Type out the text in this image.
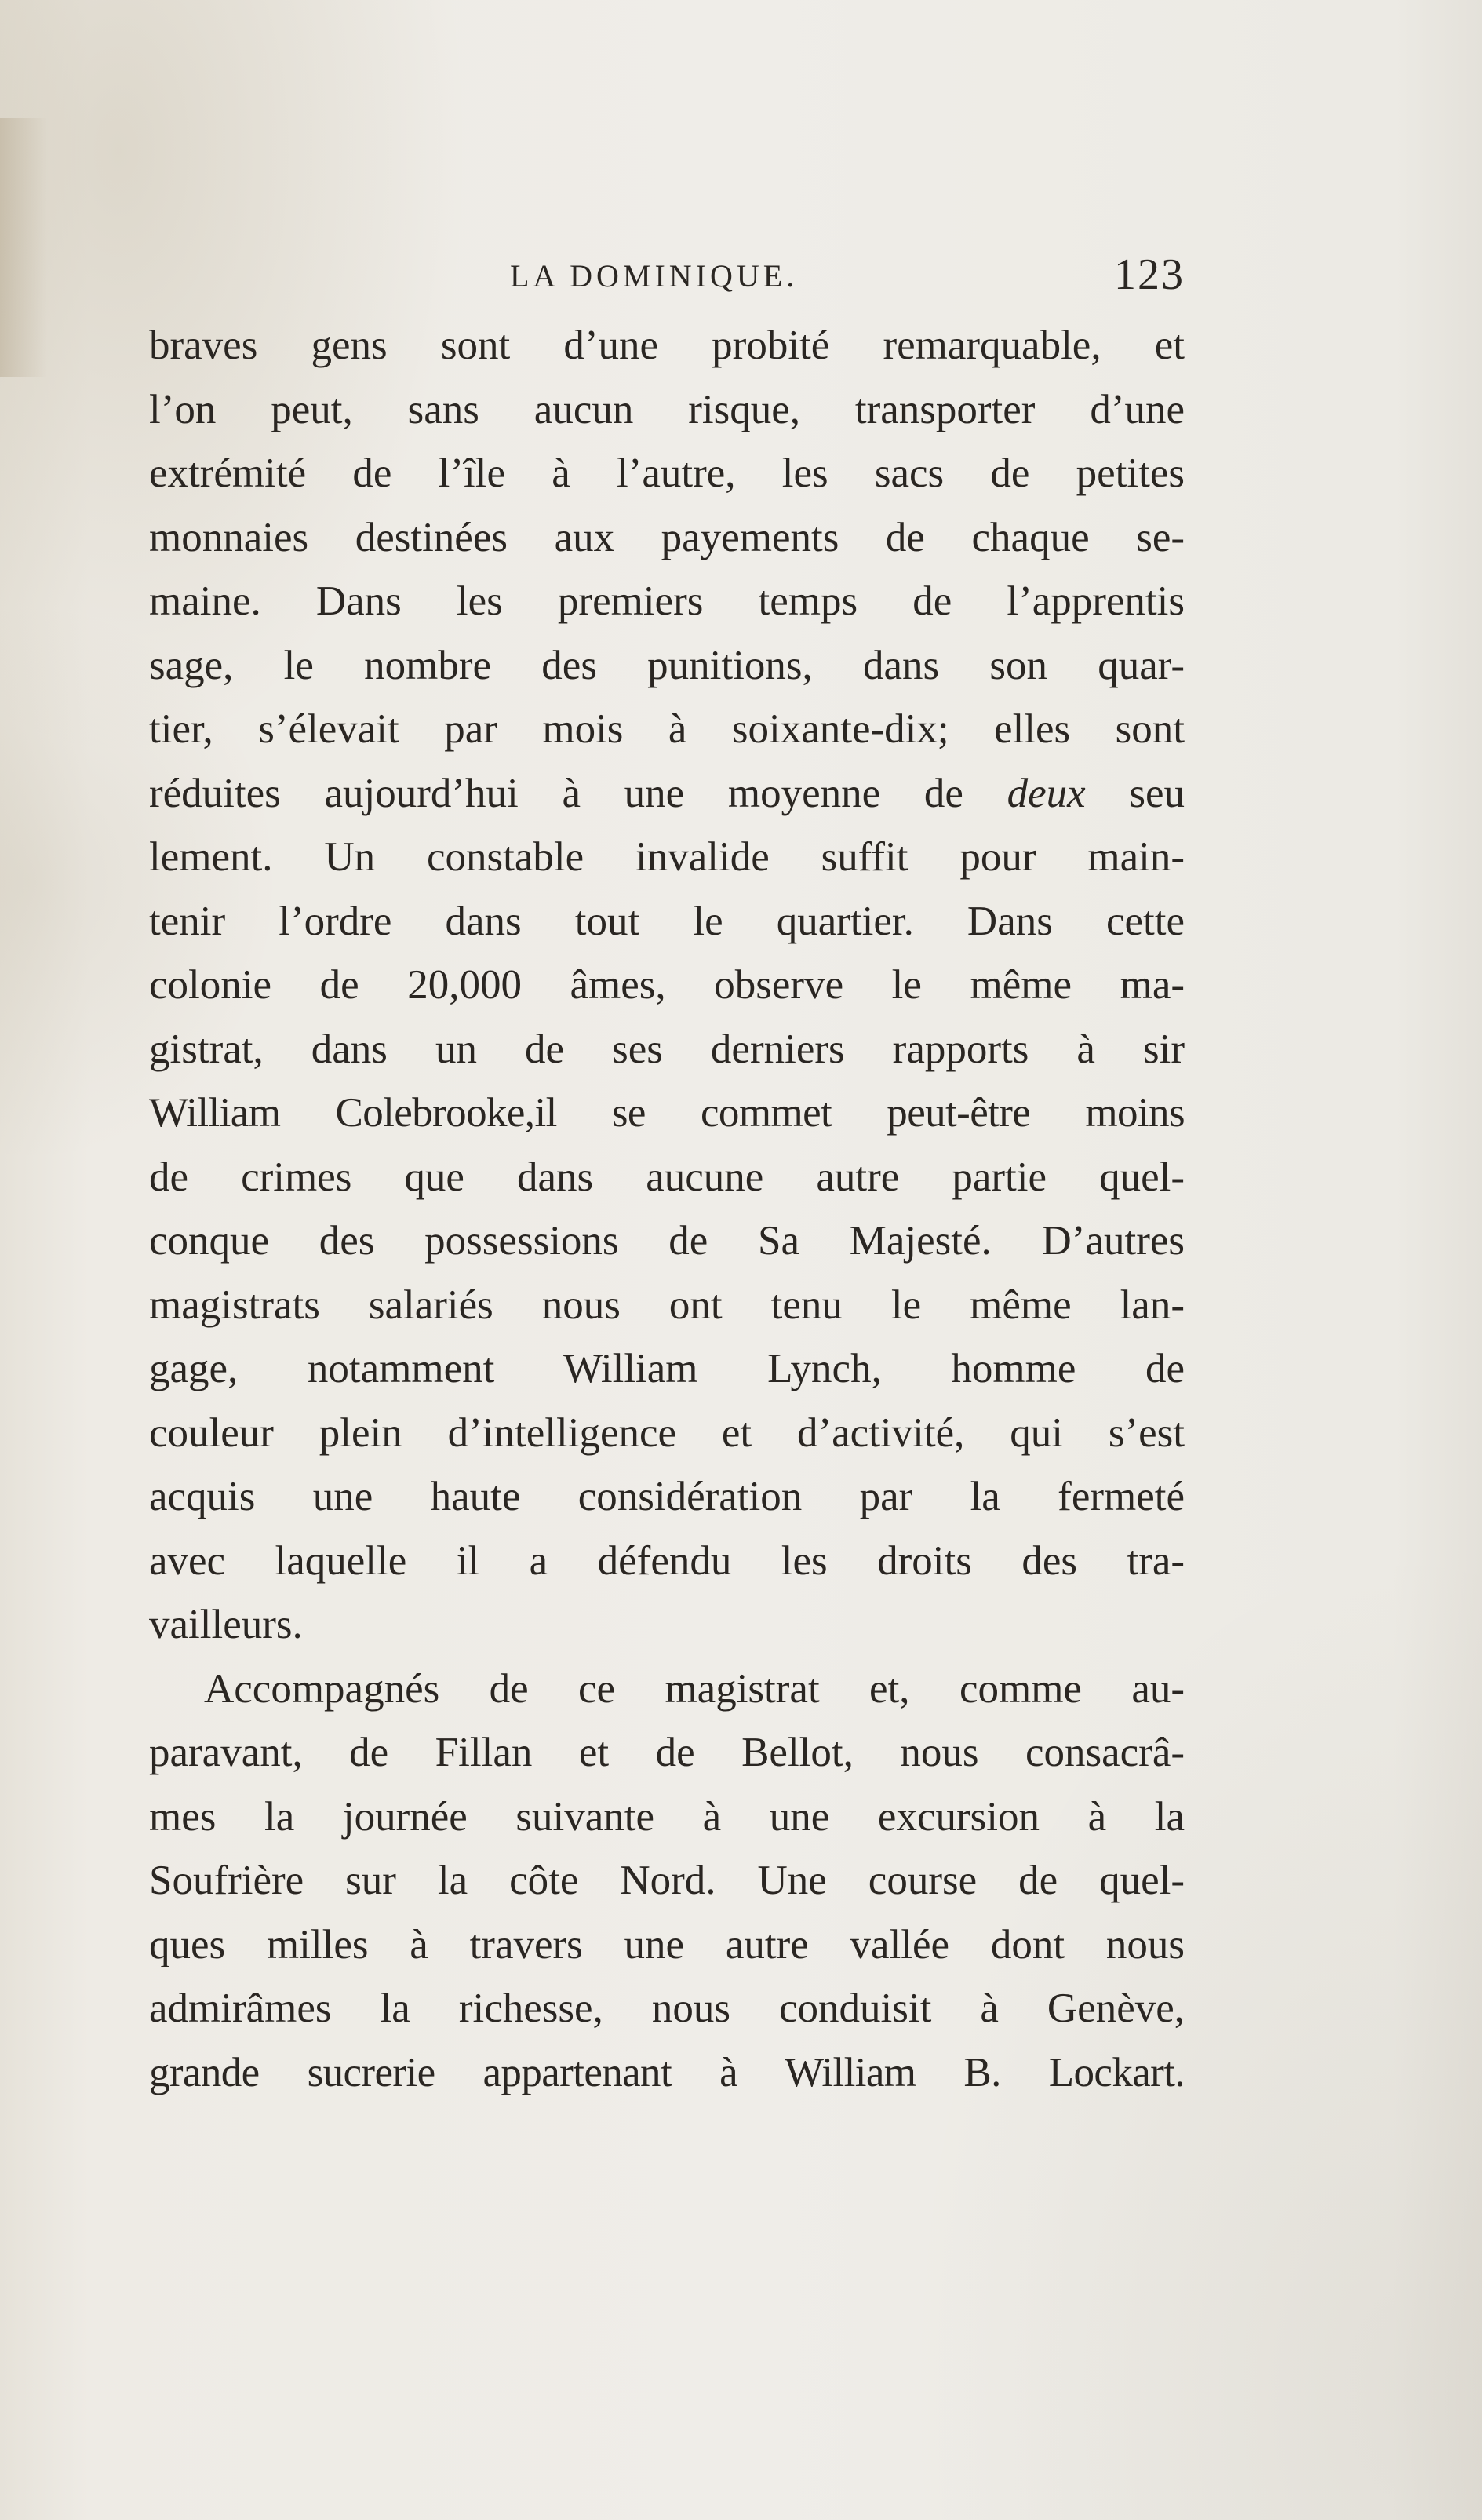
LA DOMINIQUE.	123
braves gens sont d’une probité remarquable, et
l’on peut, sans aucun risque, transporter d’une
extrémité de l’île à l’autre, les sacs de petites
monnaies destinées aux payements de chaque se-
maine. Dans les premiers temps de l’apprentis
sage, le nombre des punitions, dans son quar-
tier, s’élevait par mois à soixante-dix; elles sont
réduites aujourd’hui à une moyenne de deux seu
lement. Un constable invalide suffit pour main-
tenir l’ordre dans tout le quartier. Dans cette
colonie de 20,000 âmes, observe le même ma-
gistrat, dans un de ses derniers rapports à sir
William Colebrooke,il se commet peut-être moins
de crimes que dans aucune autre partie quel-
conque des possessions de Sa Majesté. D’autres
magistrats salariés nous ont tenu le même lan-
gage, notamment William Lynch, homme de
couleur plein d’intelligence et d’activité, qui s’est
acquis une haute considération par la fermeté
avec laquelle il a défendu les droits des tra-
vailleurs.
Accompagnés de ce magistrat et, comme au-
paravant, de Fillan et de Bellot, nous consacrâ-
mes la journée suivante à une excursion à la
Soufrière sur la côte Nord. Une course de quel-
ques milles à travers une autre vallée dont nous
admirâmes la richesse, nous conduisit à Genève,
grande sucrerie appartenant à William B. Lockart.
